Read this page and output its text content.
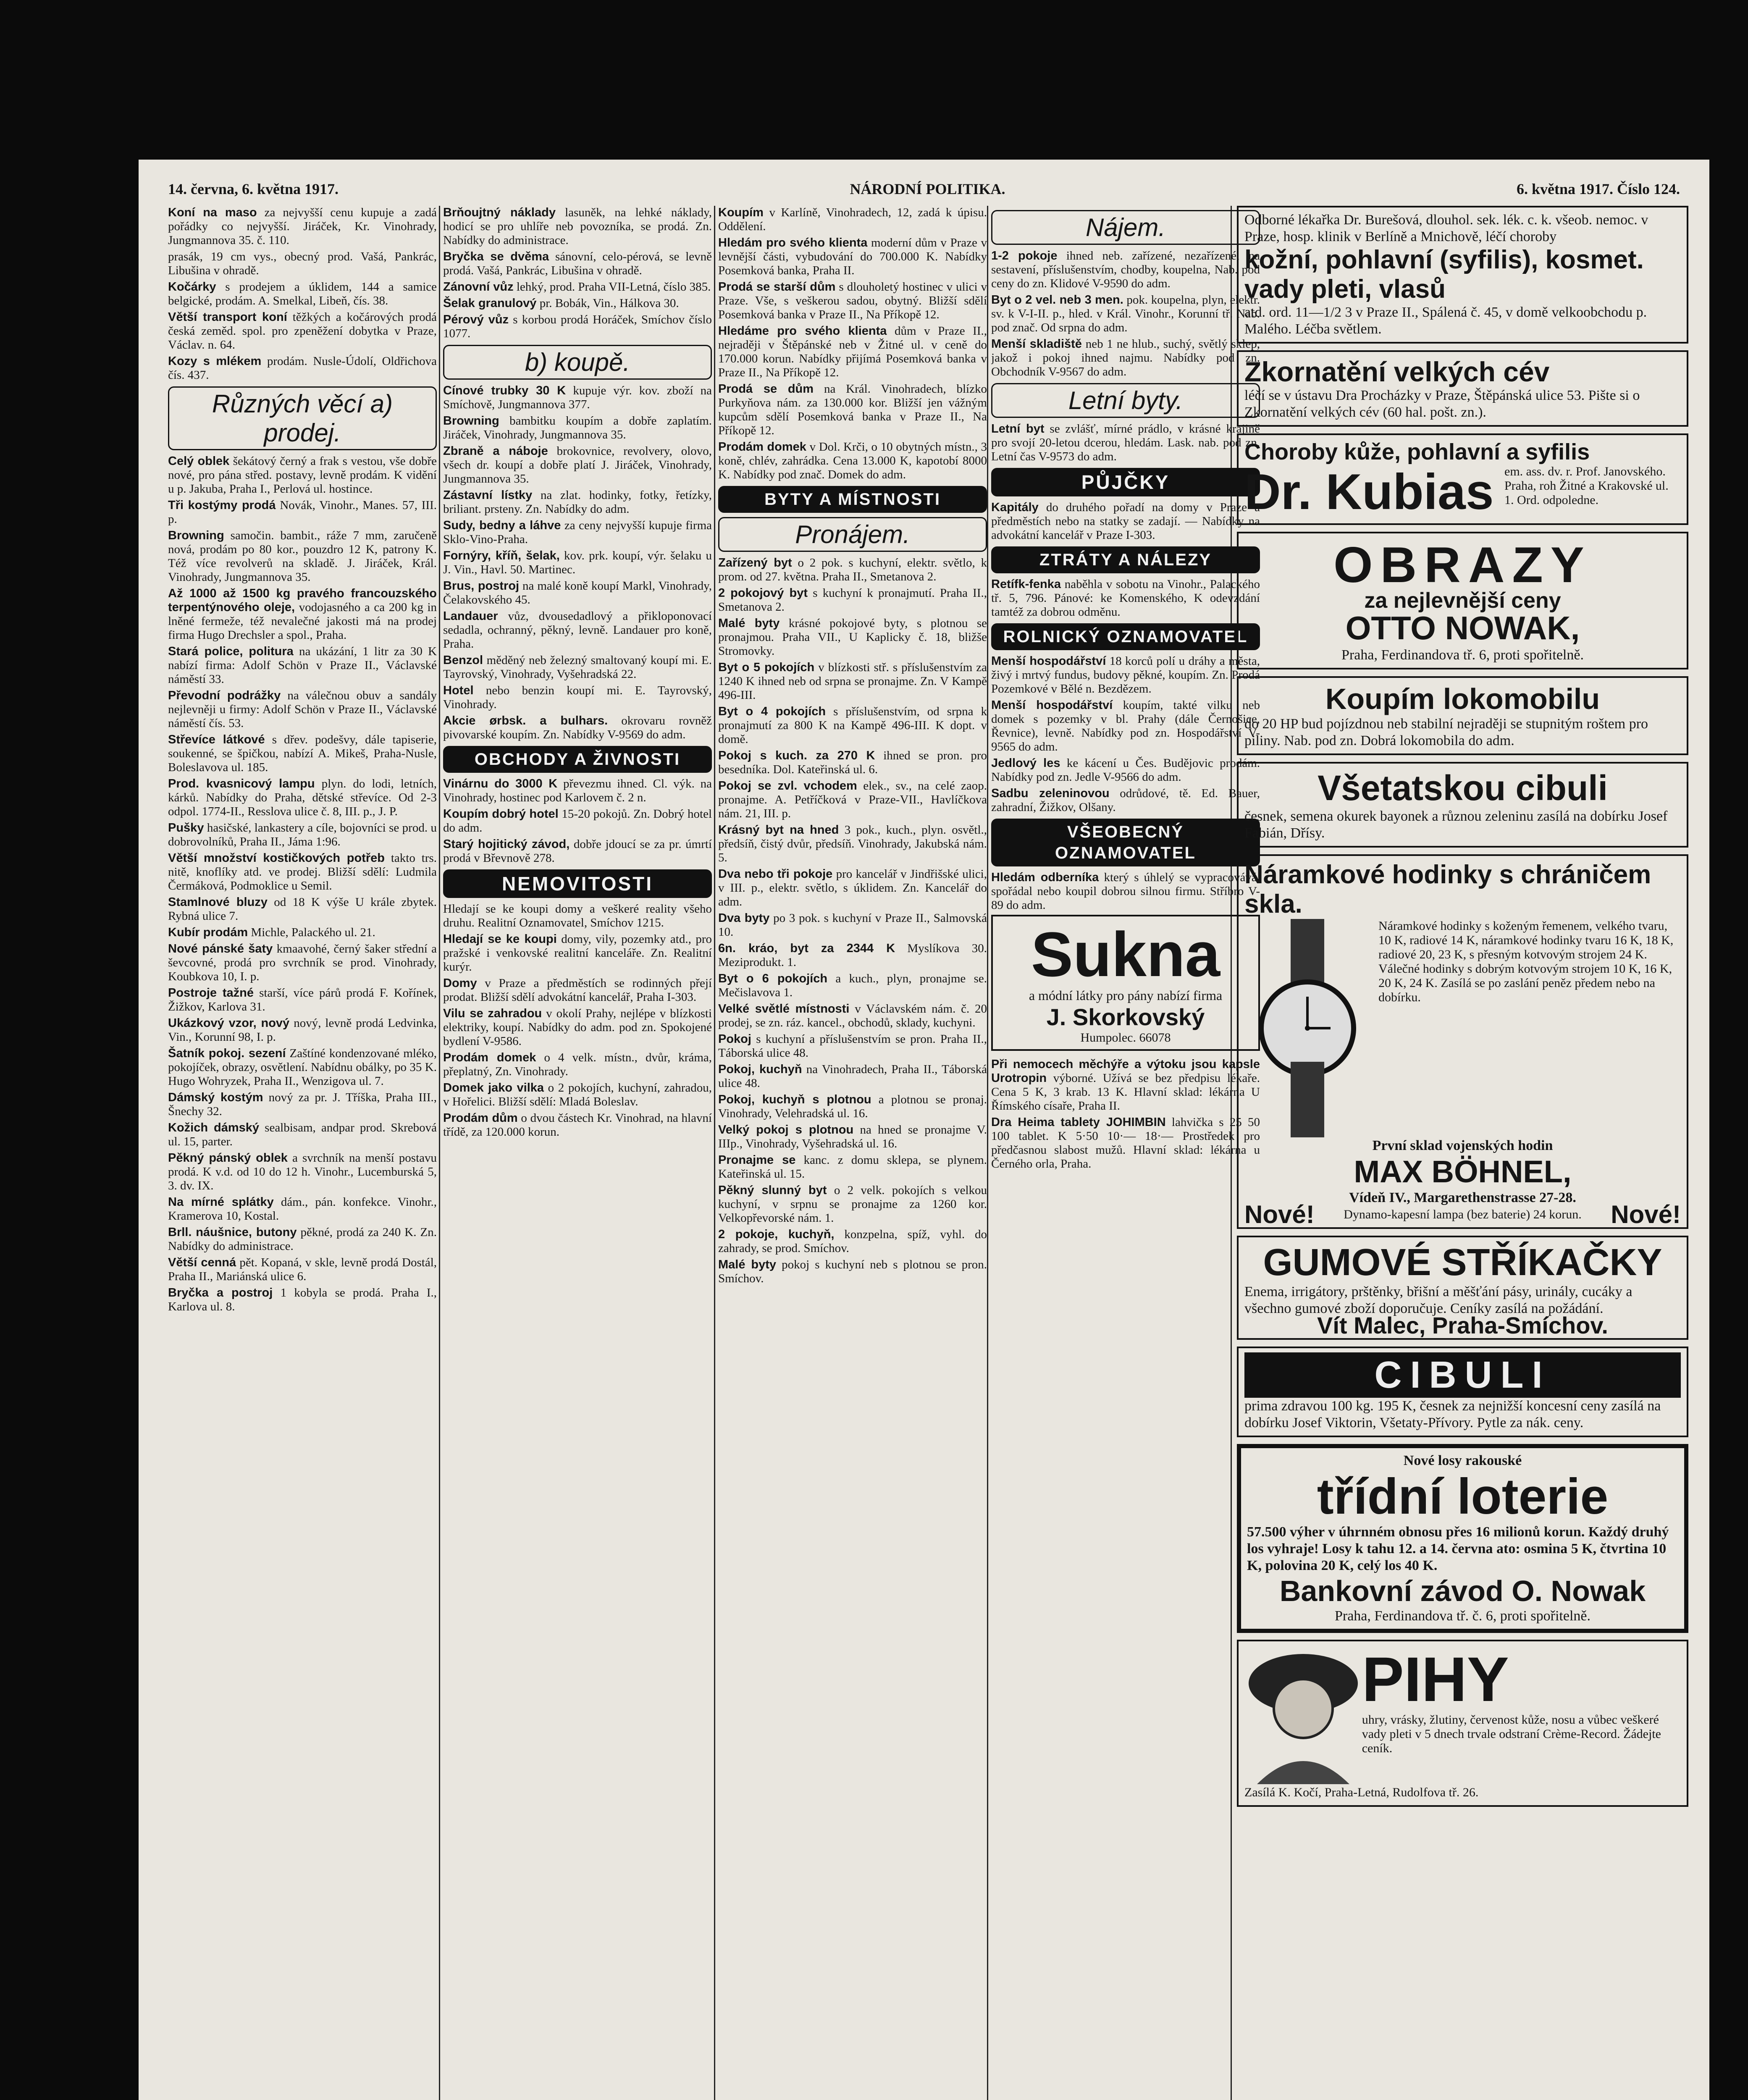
14. června, 6. května 1917.	NÁRODNÍ POLITIKA.	6. května 1917. Číslo 124.

Koní na maso za nejvyšší cenu kupuje a zadá pořádky co nejvyšší. Jiráček, Kr. Vinohrady, Jungmannova 35. č. 110.

prasák, 19 cm vys., obecný prod. Vašá, Pankrác, Libušina v ohradě.

Kočárky s prodejem a úklidem, 144 a samice belgické, prodám. A. Smelkal, Libeň, čís. 38.

Větší transport koní těžkých a kočárových prodá česká zeměd. spol. pro zpeněžení dobytka v Praze, Václav. n. 64.

Kozy s mlékem prodám. Nusle-Údolí, Oldřichova čís. 437.

Různých věcí a) prodej.

Celý oblek šekátový černý a frak s vestou, vše dobře nové, pro pána střed. postavy, levně prodám. K vidění u p. Jakuba, Praha I., Perlová ul. hostince.

Tři kostýmy prodá Novák, Vinohr., Manes. 57, III. p.

Browning samočin. bambit., ráže 7 mm, zaručeně nová, prodám po 80 kor., pouzdro 12 K, patrony K. Též více revolverů na skladě. J. Jiráček, Král. Vinohrady, Jungmannova 35.

Až 1000 až 1500 kg pravého francouzského terpentýnového oleje, vodojasného a ca 200 kg in lněné fermeže, též nevalečné jakosti má na prodej firma Hugo Drechsler a spol., Praha.

Stará police, politura na ukázání, 1 litr za 30 K nabízí firma: Adolf Schön v Praze II., Václavské náměstí 33.

Převodní podrážky na válečnou obuv a sandály nejlevněji u firmy: Adolf Schön v Praze II., Václavské náměstí čís. 53.

Střevíce látkové s dřev. podešvy, dále tapiserie, soukenné, se špičkou, nabízí A. Mikeš, Praha-Nusle, Boleslavova ul. 185.

Prod. kvasnicový lampu plyn. do lodi, letních, kárků. Nabídky do Praha, dětské střevíce. Od 2-3 odpol. 1774-II., Resslova ulice č. 8, III. p., J. P.

Pušky hasičské, lankastery a cíle, bojovníci se prod. u dobrovolníků, Praha II., Jáma 1:96.

Větší množství kostičkových potřeb takto trs. nitě, knoflíky atd. ve prodej. Bližší sdělí: Ludmila Čermáková, Podmoklice u Semil.

Stamlnové bluzy od 18 K výše U krále zbytek. Rybná ulice 7.

Kubír prodám Michle, Palackého ul. 21.

Nové pánské šaty kmaavohé, černý šaker střední a ševcovné, prodá pro svrchník se prod. Vinohrady, Koubkova 10, I. p.

Postroje tažné starší, více párů prodá F. Kořínek, Žižkov, Karlova 31.

Ukázkový vzor, nový nový, levně prodá Ledvinka, Vin., Korunní 98, I. p.

Šatník pokoj. sezení Zaštíné kondenzované mléko, pokojíček, obrazy, osvětlení. Nabídnu obálky, po 35 K. Hugo Wohryzek, Praha II., Wenzigova ul. 7.

Dámský kostým nový za pr. J. Tříška, Praha III., Šnechy 32.

Kožich dámský sealbisam, andpar prod. Skrebová ul. 15, parter.

Pěkný pánský oblek a svrchník na menší postavu prodá. K v.d. od 10 do 12 h. Vinohr., Lucemburská 5, 3. dv. IX.

Na mírné splátky dám., pán. konfekce. Vinohr., Kramerova 10, Kostal.

Brll. náušnice, butony pěkné, prodá za 240 K. Zn. Nabídky do administrace.

Větší cenná pět. Kopaná, v skle, levně prodá Dostál, Praha II., Mariánská ulice 6.

Bryčka a postroj 1 kobyla se prodá. Praha I., Karlova ul. 8.

Brňoujtný náklady lasuněk, na lehké náklady, hodicí se pro uhlíře neb povozníka, se prodá. Zn. Nabídky do administrace.

Bryčka se dvěma sánovní, celo-pérová, se levně prodá. Vašá, Pankrác, Libušina v ohradě.

Zánovní vůz lehký, prod. Praha VII-Letná, číslo 385.

Šelak granulový pr. Bobák, Vin., Hálkova 30.

Pérový vůz s korbou prodá Horáček, Smíchov číslo 1077.

b) koupě.

Cínové trubky 30 K kupuje výr. kov. zboží na Smíchově, Jungmannova 377.

Browning bambitku koupím a dobře zaplatím. Jiráček, Vinohrady, Jungmannova 35.

Zbraně a náboje brokovnice, revolvery, olovo, všech dr. koupí a dobře platí J. Jiráček, Vinohrady, Jungmannova 35.

Zástavní lístky na zlat. hodinky, fotky, řetízky, briliant. prsteny. Zn. Nabídky do adm.

Sudy, bedny a láhve za ceny nejvyšší kupuje firma Sklo-Vino-Praha.

Fornýry, kříň, šelak, kov. prk. koupí, výr. šelaku u J. Vin., Havl. 50. Martinec.

Brus, postroj na malé koně koupí Markl, Vinohrady, Čelakovského 45.

Landauer vůz, dvousedadlový a přikloponovací sedadla, ochranný, pěkný, levně. Landauer pro koně, Praha.

Benzol měděný neb železný smaltovaný koupí mi. E. Tayrovský, Vinohrady, Vyšehradská 22.

Hotel nebo benzin koupí mi. E. Tayrovský, Vinohrady.

Akcie ørbsk. a bulhars. okrovaru rovněž pivovarské koupím. Zn. Nabídky V-9569 do adm.

OBCHODY A ŽIVNOSTI

Vinárnu do 3000 K převezmu ihned. Cl. výk. na Vinohrady, hostinec pod Karlovem č. 2 n.

Koupím dobrý hotel 15-20 pokojů. Zn. Dobrý hotel do adm.

Starý hojitický závod, dobře jdoucí se za pr. úmrtí prodá v Břevnově 278.

NEMOVITOSTI

Hledají se ke koupi domy a veškeré reality všeho druhu. Realitní Oznamovatel, Smíchov 1215.

Hledají se ke koupi domy, vily, pozemky atd., pro pražské i venkovské realitní kanceláře. Zn. Realitní kurýr.

Domy v Praze a předměstích se rodinných přejí prodat. Bližší sdělí advokátní kancelář, Praha I-303.

Vilu se zahradou v okolí Prahy, nejlépe v blízkosti elektriky, koupí. Nabídky do adm. pod zn. Spokojené bydlení V-9586.

Prodám domek o 4 velk. místn., dvůr, kráma, přeplatný, Zn. Vinohrady.

Domek jako vilka o 2 pokojích, kuchyní, zahradou, v Hořelici. Bližší sdělí: Mladá Boleslav.

Prodám dům o dvou částech Kr. Vinohrad, na hlavní třídě, za 120.000 korun.

Koupím v Karlíně, Vinohradech, 12, zadá k úpisu. Oddělení.

Hledám pro svého klienta moderní dům v Praze v levnější části, vybudování do 700.000 K. Nabídky Posemková banka, Praha II.

Prodá se starší dům s dlouholetý hostinec v ulici v Praze. Vše, s veškerou sadou, obytný. Bližší sdělí Posemková banka v Praze II., Na Příkopě 12.

Hledáme pro svého klienta dům v Praze II., nejraději v Štěpánské neb v Žitné ul. v ceně do 170.000 korun. Nabídky přijímá Posemková banka v Praze II., Na Příkopě 12.

Prodá se dům na Král. Vinohradech, blízko Purkyňova nám. za 130.000 kor. Bližší jen vážným kupcům sdělí Posemková banka v Praze II., Na Příkopě 12.

Prodám domek v Dol. Krči, o 10 obytných místn., 3 koně, chlév, zahrádka. Cena 13.000 K, kapotobí 8000 K. Nabídky pod znač. Domek do adm.

BYTY A MÍSTNOSTI
Pronájem.

Zařízený byt o 2 pok. s kuchyní, elektr. světlo, k prom. od 27. května. Praha II., Smetanova 2.

2 pokojový byt s kuchyní k pronajmutí. Praha II., Smetanova 2.

Malé byty krásné pokojové byty, s plotnou se pronajmou. Praha VII., U Kaplicky č. 18, bližše Stromovky.

Byt o 5 pokojích v blízkosti stř. s příslušenstvím za 1240 K ihned neb od srpna se pronajme. Zn. V Kampě 496-III.

Byt o 4 pokojích s příslušenstvím, od srpna k pronajmutí za 800 K na Kampě 496-III. K dopt. v domě.

Pokoj s kuch. za 270 K ihned se pron. pro besedníka. Dol. Kateřinská ul. 6.

Pokoj se zvl. vchodem elek., sv., na celé zaop. pronajme. A. Petříčková v Praze-VII., Havlíčkova nám. 21, III. p.

Krásný byt na hned 3 pok., kuch., plyn. osvětl., předsíň, čistý dvůr, předsíň. Vinohrady, Jakubská nám. 5.

Dva nebo tři pokoje pro kancelář v Jindřišské ulici, v III. p., elektr. světlo, s úklidem. Zn. Kancelář do adm.

Dva byty po 3 pok. s kuchyní v Praze II., Salmovská 10.

6n. kráo, byt za 2344 K Myslíkova 30. Meziprodukt. 1.

Byt o 6 pokojích a kuch., plyn, pronajme se. Mečislavova 1.

Velké světlé místnosti v Václavském nám. č. 20 prodej, se zn. ráz. kancel., obchodů, sklady, kuchyni.

Pokoj s kuchyní a příslušenstvím se pron. Praha II., Táborská ulice 48.

Pokoj, kuchyň na Vinohradech, Praha II., Táborská ulice 48.

Pokoj, kuchyň s plotnou a plotnou se pronaj. Vinohrady, Velehradská ul. 16.

Velký pokoj s plotnou na hned se pronajme V. IIIp., Vinohrady, Vyšehradská ul. 16.

Pronajme se kanc. z domu sklepa, se plynem. Kateřinská ul. 15.

Pěkný slunný byt o 2 velk. pokojích s velkou kuchyní, v srpnu se pronajme za 1260 kor. Velkopřevorské nám. 1.

2 pokoje, kuchyň, konzpelna, spíž, vyhl. do zahrady, se prod. Smíchov.

Malé byty pokoj s kuchyní neb s plotnou se pron. Smíchov.

Nájem.

1-2 pokoje ihned neb. zařízené, nezařízené, na sestavení, příslušenstvím, chodby, koupelna, Nab. pod ceny do zn. Klidové V-9590 do adm.

Byt o 2 vel. neb 3 men. pok. koupelna, plyn, elektr. sv. k V-I-II. p., hled. v Král. Vinohr., Korunní tř. Nab. pod znač. Od srpna do adm.

Menší skladiště neb 1 ne hlub., suchý, světlý sklep, jakož i pokoj ihned najmu. Nabídky pod zn. Obchodník V-9567 do adm.

Letní byty.

Letní byt se zvlášť, mírné prádlo, v krásné krajině pro svojí 20-letou dcerou, hledám. Lask. nab. pod zn. Letní čas V-9573 do adm.

PŮJČKY

Kapitály do druhého pořadí na domy v Praze a předměstích nebo na statky se zadají. — Nabídky na advokátní kancelář v Praze I-303.

ZTRÁTY A NÁLEZY

Retífk-fenka naběhla v sobotu na Vinohr., Palackého tř. 5, 796. Pánové: ke Komenského, K odevzdání tamtéž za dobrou odměnu.

ROLNICKÝ OZNAMOVATEL

Menší hospodářství 18 korců polí u dráhy a města, živý i mrtvý fundus, budovy pěkné, koupím. Zn. Prodá Pozemkové v Bělé n. Bezdězem.

Menší hospodářství koupím, takté vilku neb domek s pozemky v bl. Prahy (dále Černošice, Řevnice), levně. Nabídky pod zn. Hospodářství V-9565 do adm.

Jedlový les ke kácení u Čes. Budějovic prodám. Nabídky pod zn. Jedle V-9566 do adm.

Sadbu zeleninovou odrůdové, tě. Ed. Bauer, zahradní, Žižkov, Olšany.

VŠEOBECNÝ OZNAMOVATEL

Hledám odberníka který s úhlelý se vypracovává, spořádal nebo koupil dobrou silnou firmu. Stříbro V-89 do adm.

Sukna
a módní látky pro pány nabízí firma
J. Skorkovský
Humpolec. 66078

Při nemocech měchýře a výtoku jsou kapsle Urotropin výborné. Užívá se bez předpisu lékaře. Cena 5 K, 3 krab. 13 K. Hlavní sklad: lékárna U Římského císaře, Praha II.

Dra Heima tablety JOHIMBIN lahvička s 25 50 100 tablet. K 5·50 10·— 18·— Prostředek pro předčasnou slabost mužů. Hlavní sklad: lékárna u Černého orla, Praha.

Odborné lékařka Dr. Burešová, dlouhol. sek. lék. c. k. všeob. nemoc. v Praze, hosp. klinik v Berlíně a Mnichově, léčí choroby
kožní, pohlavní (syfilis), kosmet. vady pleti, vlasů
atd. ord. 11—1/2 3 v Praze II., Spálená č. 45, v domě velkoobchodu p. Malého. Léčba světlem.
Zkornatění velkých cév
léčí se v ústavu Dra Procházky v Praze, Štěpánská ulice 53. Pište si o Zkornatění velkých cév (60 hal. pošt. zn.).
Choroby kůže, pohlavní a syfilis
Dr. Kubias em. ass. dv. r. Prof. Janovského. Praha, roh Žitné a Krakovské ul. 1. Ord. odpoledne.
OBRAZY
za nejlevnější ceny
OTTO NOWAK,
Praha, Ferdinandova tř. 6, proti spořitelně.
Koupím lokomobilu
do 20 HP bud pojízdnou neb stabilní nejraději se stupnitým roštem pro piliny. Nab. pod zn. Dobrá lokomobila do adm.
Všetatskou cibuli
česnek, semena okurek bayonek a různou zeleninu zasílá na dobírku Josef Fabián, Dřísy.
Náramkové hodinky s chráničem skla.
Náramkové hodinky s koženým řemenem, velkého tvaru, 10 K, radiové 14 K, náramkové hodinky tvaru 16 K, 18 K, radiové 20, 23 K, s přesným kotvovým strojem 24 K. Válečné hodinky s dobrým kotvovým strojem 10 K, 16 K, 20 K, 24 K. Zasílá se po zaslání peněz předem nebo na dobírku.
První sklad vojenských hodin
MAX BÖHNEL,
Vídeň IV., Margarethenstrasse 27-28.
Nové! Dynamo-kapesní lampa (bez baterie) 24 korun. Nové!
GUMOVÉ STŘÍKAČKY
Enema, irrigátory, prštěnky, břišní a měšťání pásy, urinály, cucáky a všechno gumové zboží doporučuje. Ceníky zasílá na požádání.
Vít Malec, Praha-Smíchov.
CIBULI
prima zdravou 100 kg. 195 K, česnek za nejnižší koncesní ceny zasílá na dobírku Josef Viktorin, Všetaty-Přívory. Pytle za nák. ceny.
Nové losy rakouské
třídní loterie
57.500 výher v úhrnném obnosu přes 16 milionů korun. Každý druhý los vyhraje! Losy k tahu 12. a 14. června ato: osmina 5 K, čtvrtina 10 K, polovina 20 K, celý los 40 K.
Bankovní závod O. Nowak
Praha, Ferdinandova tř. č. 6, proti spořitelně.
PIHY
uhry, vrásky, žlutiny, červenost kůže, nosu a vůbec veškeré vady pleti v 5 dnech trvale odstraní Crème-Record. Žádejte ceník.
Zasílá K. Kočí, Praha-Letná, Rudolfova tř. 26.
